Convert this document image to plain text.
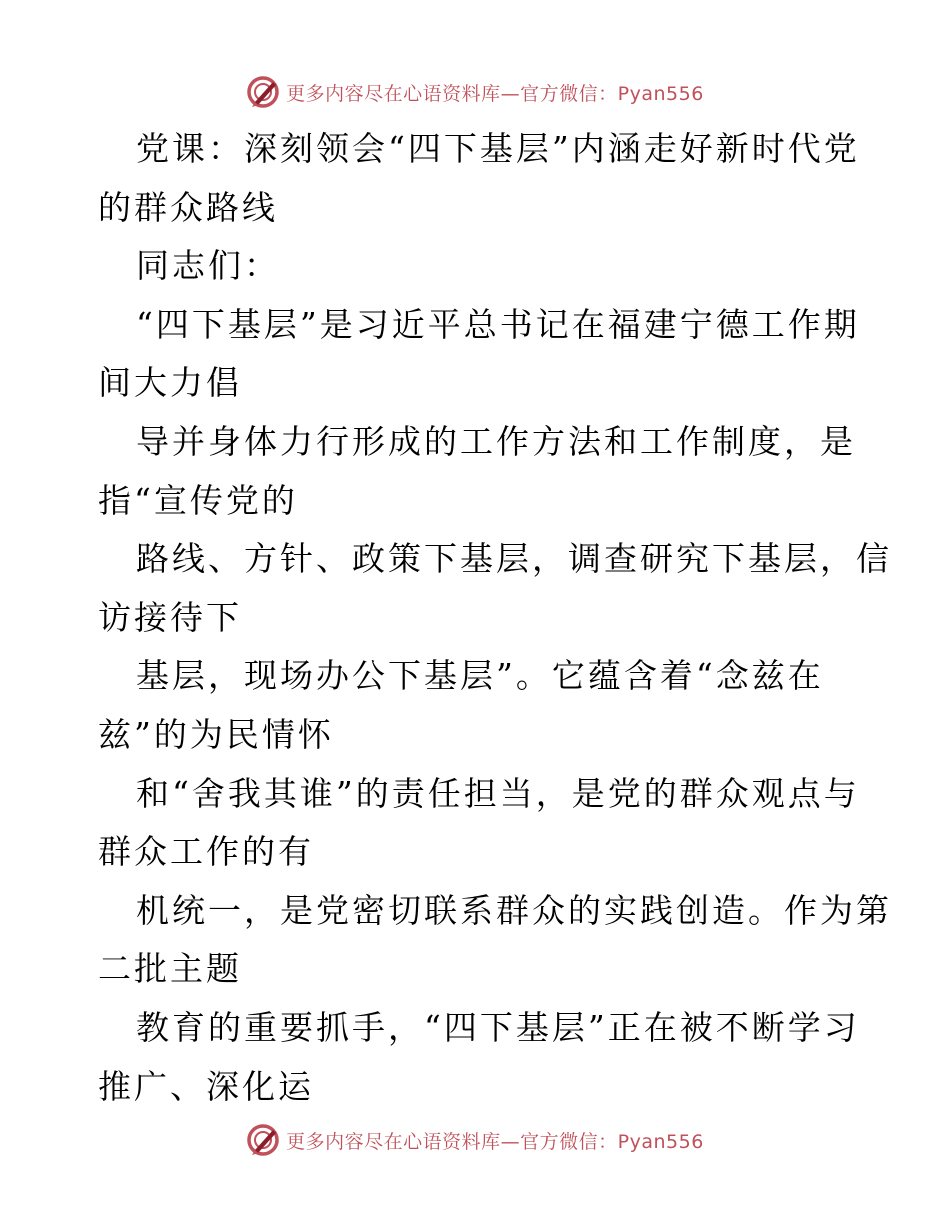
更多内容尽在心语资料库—官方微信：Pyan556
党课：深刻领会“四下基层”内涵走好新时代党
的群众路线
同志们：
“四下基层”是习近平总书记在福建宁德工作期
间大力倡
导并身体力行形成的工作方法和工作制度，是
指“宣传党的
路线、方针、政策下基层，调查研究下基层，信
访接待下
基层，现场办公下基层”。它蕴含着“念兹在
兹”的为民情怀
和“舍我其谁”的责任担当，是党的群众观点与
群众工作的有
机统一，是党密切联系群众的实践创造。作为第
二批主题
教育的重要抓手，“四下基层”正在被不断学习
推广、深化运
更多内容尽在心语资料库—官方微信：Pyan556
